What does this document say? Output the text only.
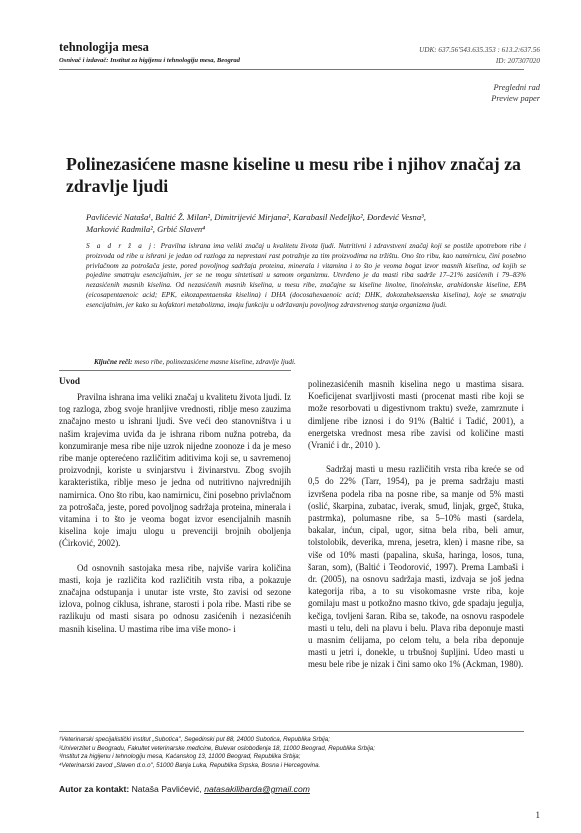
tehnologija mesa
Osnivač i izdavač: Institut za higijenu i tehnologiju mesa, Beograd
UDK: 637.56'543.635.353 : 613.2:637.56
ID: 207307020
Pregledni rad
Preview paper
Polinezasićene masne kiseline u mesu ribe i njihov značaj za zdravlje ljudi
Pavlićević Nataša¹, Baltić Ž. Milan², Dimitrijević Mirjana², Karabasil Neđeljko², Đorđević Vesna³,
Marković Radmila², Grbić Slaven⁴
S a d r ž a j: Pravilna ishrana ima veliki značaj u kvalitetu života ljudi. Nutritivni i zdravstveni značaj koji se postiže upotrebom ribe i proizvoda od ribe u ishrani je jedan od razloga za neprestani rast potražnje za tim proizvodima na tržištu. Ono što ribu, kao namirnicu, čini posebno privlačnom za potrošača jeste, pored povoljnog sadržaja proteina, minerala i vitamina i to što je veoma bogat izvor masnih kiselina, od kojih se pojedine smatraju esencijalnim, jer se ne mogu sintetisati u samom organizmu. Utvrđeno je da masti riba sadrže 17–21% zasićenih i 79–83% nezasićenih masnih kiselina. Od nezasićenih masnih kiselina, u mesu ribe, značajne su kiseline linolne, linoleinske, arahidonske kiseline, EPA (eicosapentaenoic acid; EPK, eikozapentaenska kiselina) i DHA (docosahexaenoic acid; DHK, dokozaheksaenska kiselina), koje se smatraju esencijalnim, jer kako su kofaktori metabolizma, imaju funkciju u održavanju povoljnog zdravstvenog stanja organizma ljudi.
Ključne reči: meso ribe, polinezasićene masne kiseline, zdravlje ljudi.
Uvod

Pravilna ishrana ima veliki značaj u kvalitetu života ljudi. Iz tog razloga, zbog svoje hranljive vrednosti, riblje meso zauzima značajno mesto u ishrani ljudi. Sve veći deo stanovništva i u našim krajevima uviđa da je ishrana ribom nužna potreba, da konzumiranje mesa ribe nije uzrok nijedne zoonoze i da je meso ribe manje opterećeno različitim aditivima koji se, u savremenoj proizvodnji, koriste u svinjarstvu i živinarstvu. Zbog svojih karakteristika, riblje meso je jedna od nutritivno najvrednijih namirnica. Ono što ribu, kao namirnicu, čini posebno privlačnom za potrošača, jeste, pored povoljnog sadržaja proteina, minerala i vitamina i to što je veoma bogat izvor esencijalnih masnih kiselina koje imaju ulogu u prevenciji brojnih oboljenja (Ćirković, 2002).

Od osnovnih sastojaka mesa ribe, najviše varira količina masti, koja je različita kod različitih vrsta riba, a pokazuje značajna odstupanja i unutar iste vrste, što zavisi od sezone izlova, polnog ciklusa, ishrane, starosti i pola ribe. Masti ribe se razlikuju od masti sisara po odnosu zasićenih i nezasićenih masnih kiselina. U mastima ribe ima više mono- i

polinezasićenih masnih kiselina nego u mastima sisara. Koeficijenat svarljivosti masti (procenat masti ribe koji se može resorbovati u digestivnom traktu) sveže, zamrznute i dimljene ribe iznosi i do 91% (Baltić i Tadić, 2001), a energetska vrednost mesa ribe zavisi od količine masti (Vranić i dr., 2010 ).

Sadržaj masti u mesu različitih vrsta riba kreće se od 0,5 do 22% (Tarr, 1954), pa je prema sadržaju masti izvršena podela riba na posne ribe, sa manje od 5% masti (oslić, škarpina, zubatac, iverak, smuđ, linjak, grgeč, štuka, pastrmka), polumasne ribe, sa 5–10% masti (sardela, bakalar, inćun, cipal, ugor, sitna bela riba, beli amur, tolstolobik, deverika, mrena, jesetra, klen) i masne ribe, sa više od 10% masti (papalina, skuša, haringa, losos, tuna, šaran, som), (Baltić i Teodorović, 1997). Prema Lambaši i dr. (2005), na osnovu sadržaja masti, izdvaja se još jedna kategorija riba, a to su visokomasne vrste riba, koje gomilaju mast u potkožno masno tkivo, gde spadaju jegulja, kečiga, tovljeni šaran. Riba se, takođe, na osnovu raspodele masti u telu, deli na plavu i belu. Plava riba deponuje masti u masnim ćelijama, po celom telu, a bela riba deponuje masti u jetri i, donekle, u trbušnoj šupljini. Udeo masti u mesu bele ribe je nizak i čini samo oko 1% (Ackman, 1980).

¹Veterinarski specijalistički institut „Subotica", Segedinski put 88, 24000 Subotica, Republika Srbija;
²Univerzitet u Beogradu, Fakultet veterinarske medicine, Bulevar oslobođenja 18, 11000 Beograd, Republika Srbija;
³Institut za higijenu i tehnologiju mesa, Kaćanskog 13, 11000 Beograd, Republika Srbija;
⁴Veterinarski zavod „Slaven d.o.o", 51000 Banja Luka, Republika Srpska, Bosna i Hercegovina.
Autor za kontakt: Nataša Pavlićević, natasakilibarda@gmail.com
1
